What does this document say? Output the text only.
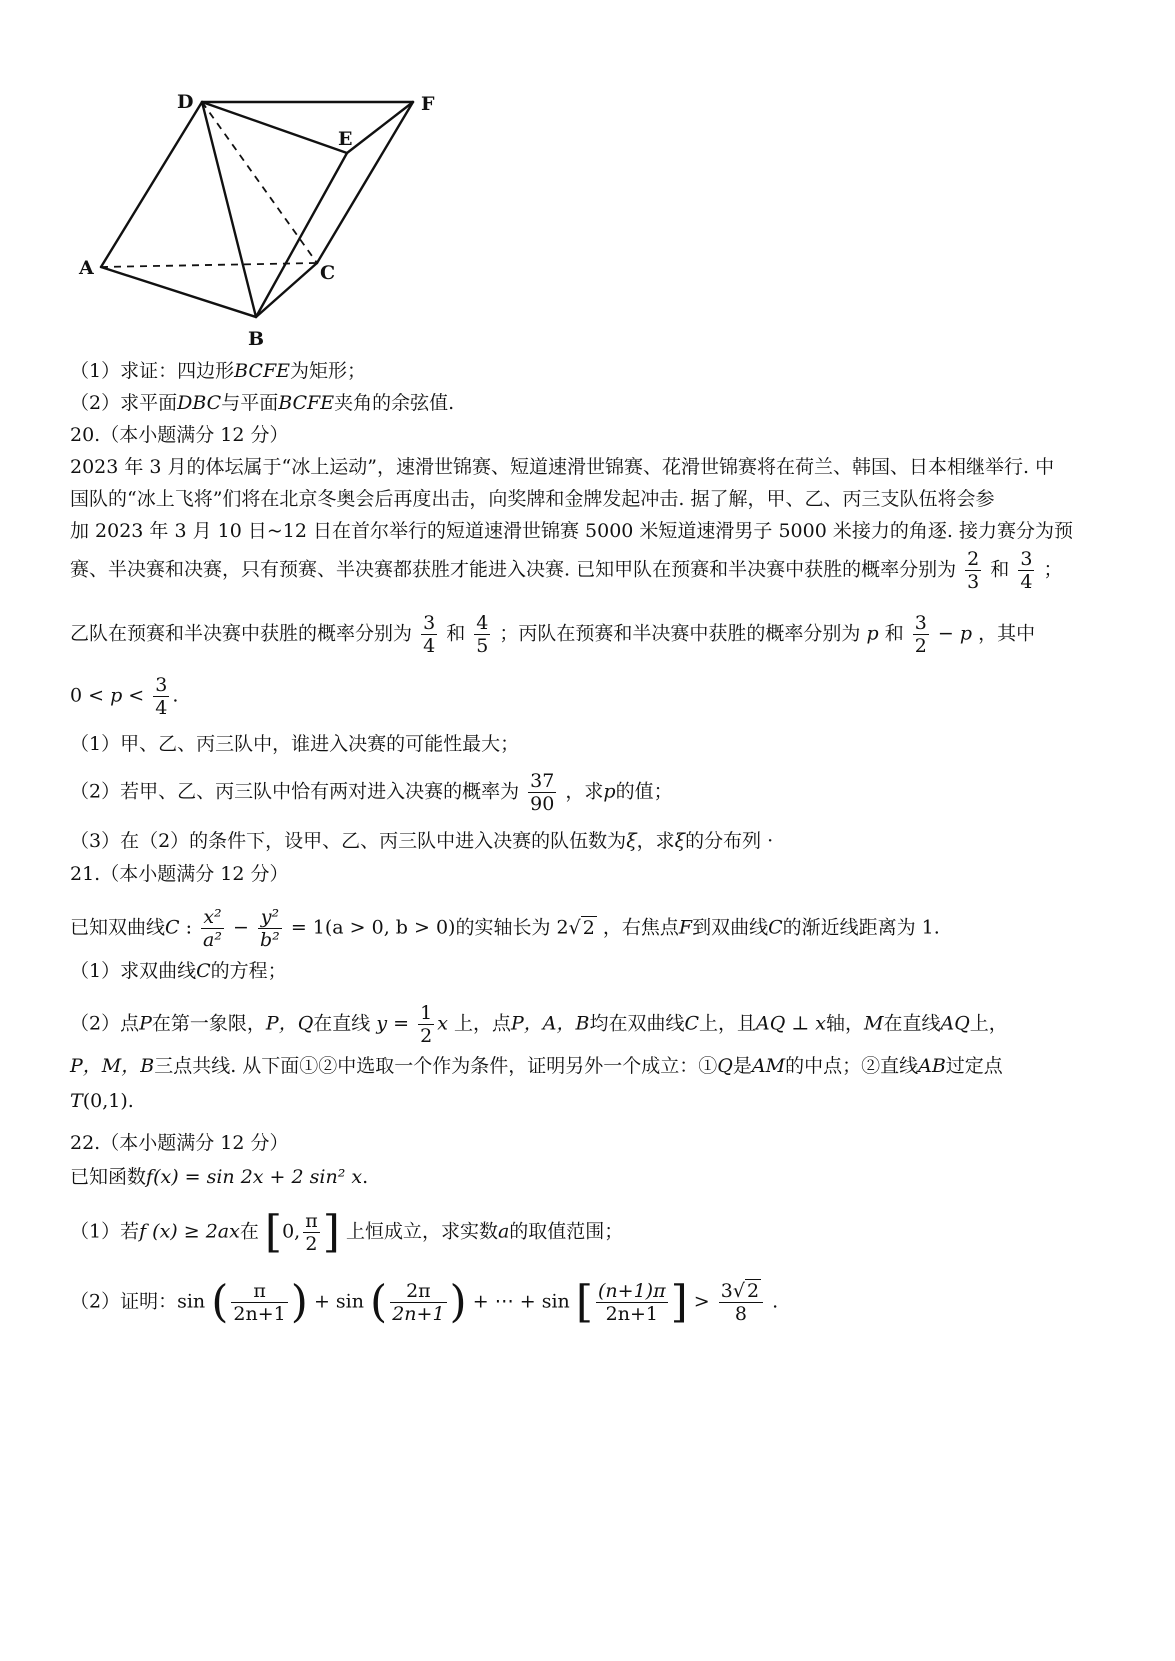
D	F
E
A	C
B
（1）求证：四边形BCFE为矩形；
（2）求平面DBC与平面BCFE夹角的余弦值.
20.（本小题满分 12 分）
2023 年 3 月的体坛属于“冰上运动”，速滑世锦赛、短道速滑世锦赛、花滑世锦赛将在荷兰、韩国、日本相继举行. 中
国队的“冰上飞将”们将在北京冬奥会后再度出击，向奖牌和金牌发起冲击. 据了解，甲、乙、丙三支队伍将会参
加 2023 年 3 月 10 日~12 日在首尔举行的短道速滑世锦赛 5000 米短道速滑男子 5000 米接力的角逐. 接力赛分为预
赛、半决赛和决赛，只有预赛、半决赛都获胜才能进入决赛. 已知甲队在预赛和半决赛中获胜的概率分别为 $\frac{2}{3}$ 和 $\frac{3}{4}$ ；
乙队在预赛和半决赛中获胜的概率分别为 $\frac{3}{4}$ 和 $\frac{4}{5}$ ；丙队在预赛和半决赛中获胜的概率分别为 p 和 $\frac{3}{2} - p$ ，其中
$0 < p < \frac{3}{4}$ .
（1）甲、乙、丙三队中，谁进入决赛的可能性最大；
（2）若甲、乙、丙三队中恰有两对进入决赛的概率为 $\frac{37}{90}$ ，求p的值；
（3）在（2）的条件下，设甲、乙、丙三队中进入决赛的队伍数为ξ，求ξ的分布列 ·
21.（本小题满分 12 分）
已知双曲线C : $\frac{\text{x²}}{\text{a²}} - \frac{\text{y²}}{\text{b²}} = 1(a > 0$, b > 0)的实轴长为 2√ 2 ，右焦点F到双曲线C的渐近线距离为 1.
（1）求双曲线C的方程；
（2）点P在第一象限，P，Q在直线 $y = \frac{1}{2}$ x 上，点P，A，B均在双曲线C上，且AQ ⊥ x轴，M在直线AQ上，
P，M，B三点共线. 从下面①②中选取一个作为条件，证明另外一个成立：①Q是AM的中点；②直线AB过定点
T(0,1).
22.（本小题满分 12 分）
已知函数f(x) = sin 2x + 2 sin² x.
（1）若f (x) ≥ 2ax在 [0, $\frac{\pi}{2}$ ] 上恒成立，求实数a的取值范围；
（2）证明：sin ( $\frac{\pi}{2n+1}$ ) + sin ( $\frac{2\pi}{2n+1}$ ) + ⋯ + sin [ $\frac{(n+1)\pi}{2n+1}$ ] > $\frac{3√ 2}{8}$ .
